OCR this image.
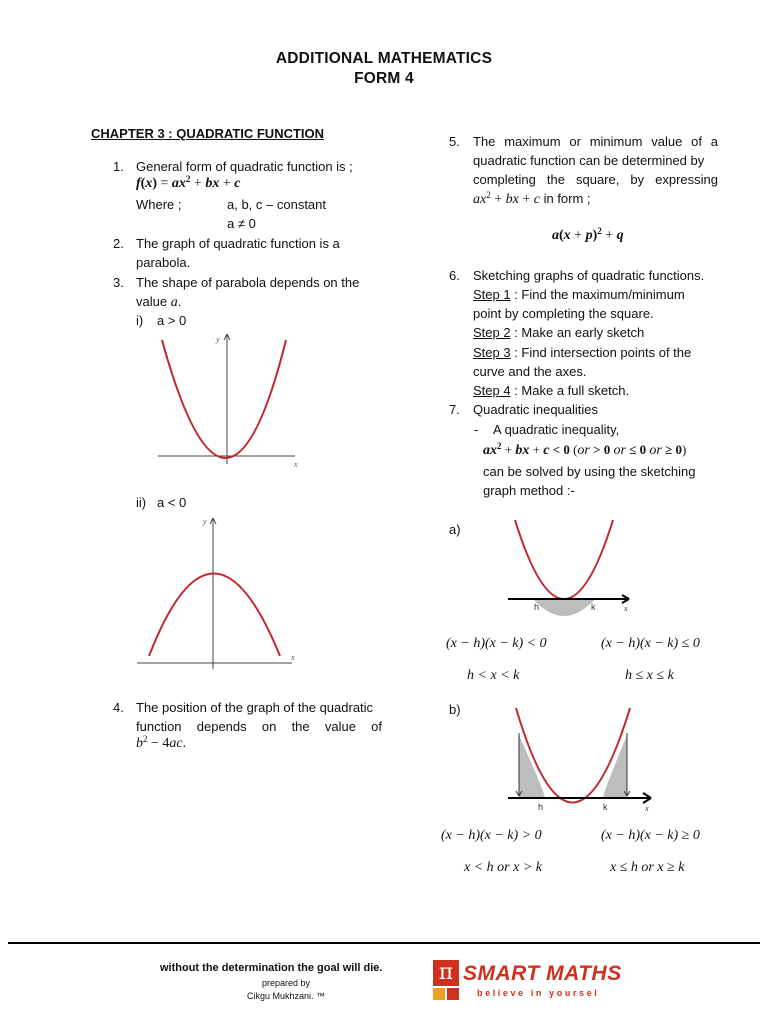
ADDITIONAL MATHEMATICS
FORM 4
CHAPTER 3 : QUADRATIC FUNCTION
1. General form of quadratic function is ;
$f(x) = ax^2$ + bx + c
Where ;	a, b, c – constant
a ≠ 0
2. The graph of quadratic function is a
parabola.
3. The shape of parabola depends on the
value a.
i) a > 0
x
y
ii) a < 0
x
y
4. The position of the graph of the quadratic
function depends on the value of
$b^2 - 4ac$.
5. The maximum or minimum value of a
quadratic function can be determined by
completing the square, by expressing
$ax^2$ + bx + c in form ;
$a(x + p)^2 + q$
6. Sketching graphs of quadratic functions.
Step 1 : Find the maximum/minimum
point by completing the square.
Step 2 : Make an early sketch
Step 3 : Find intersection points of the
curve and the axes.
Step 4 : Make a full sketch.
7. Quadratic inequalities
- A quadratic inequality,
$ax^2$ + bx + c < 0 (or > 0 or ≤ 0 or ≥ 0)
can be solved by using the sketching
graph method :-
a)
h	k	x
(x − h)(x − k) < 0	(x − h)(x − k) ≤ 0
h < x < k	h ≤ x ≤ k
b)
h	k	x
(x − h)(x − k) > 0	(x − h)(x − k) ≥ 0
x < h or x > k	x ≤ h or x ≥ k
without the determination the goal will die.
prepared by
Cikgu Mukhzani. ™
π SMART MATHS
believe in yoursel
